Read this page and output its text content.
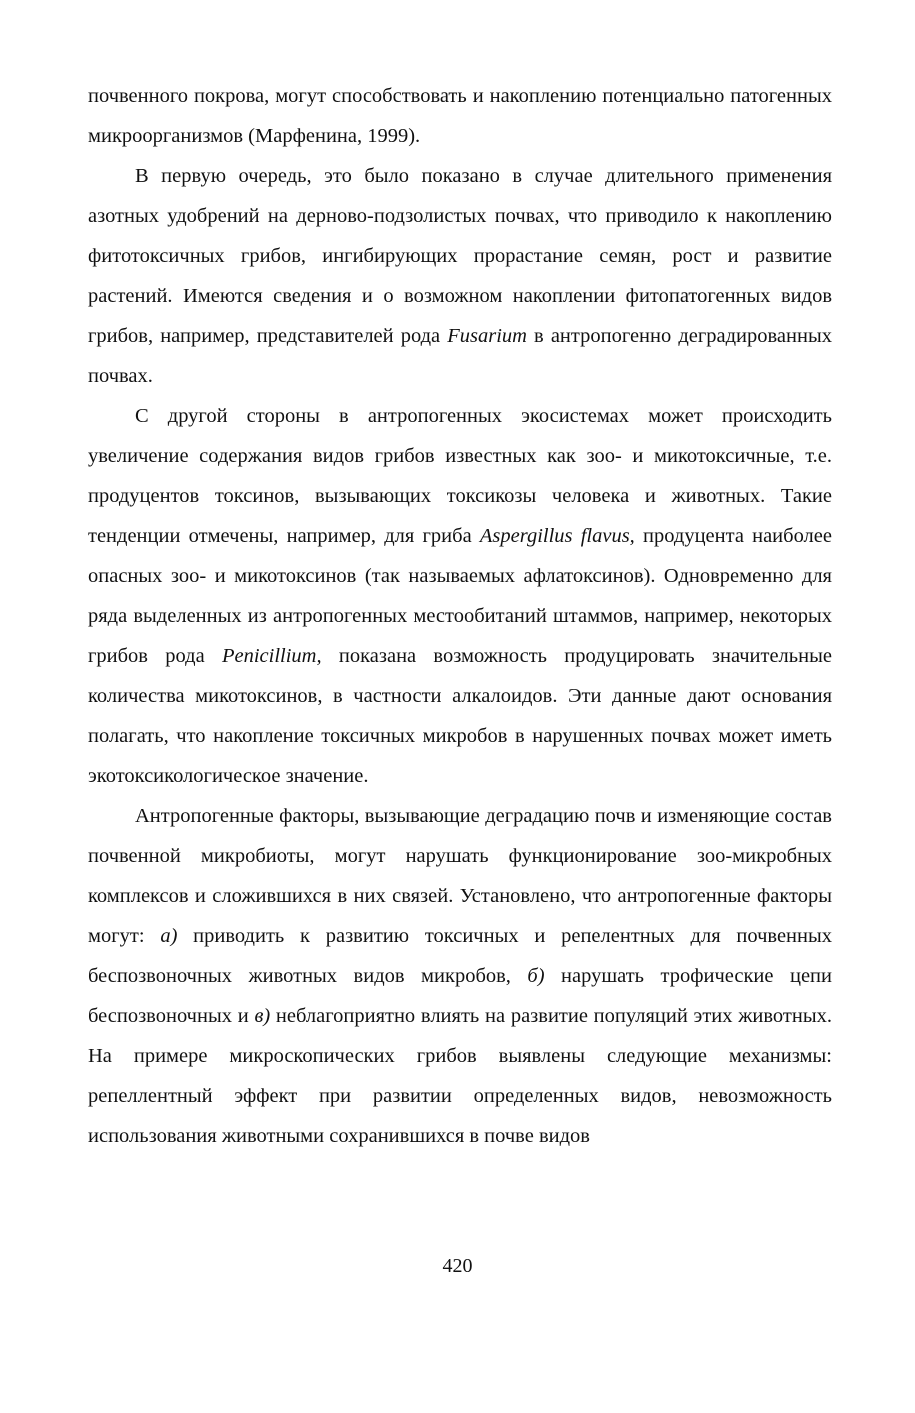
почвенного покрова, могут способствовать и накоплению потенциально патогенных микроорганизмов (Марфенина, 1999).

В первую очередь, это было показано в случае длительного применения азотных удобрений на дерново-подзолистых почвах, что приводило к накоплению фитотоксичных грибов, ингибирующих прорастание семян, рост и развитие растений. Имеются сведения и о возможном накоплении фитопатогенных видов грибов, например, представителей рода Fusarium в антропогенно деградированных почвах.

С другой стороны в антропогенных экосистемах может происходить увеличение содержания видов грибов известных как зоо- и микотоксичные, т.е. продуцентов токсинов, вызывающих токсикозы человека и животных. Такие тенденции отмечены, например, для гриба Aspergillus flavus, продуцента наиболее опасных зоо- и микотоксинов (так называемых афлатоксинов). Одновременно для ряда выделенных из антропогенных местообитаний штаммов, например, некоторых грибов рода Penicillium, показана возможность продуцировать значительные количества микотоксинов, в частности алкалоидов. Эти данные дают основания полагать, что накопление токсичных микробов в нарушенных почвах может иметь экотоксикологическое значение.

Антропогенные факторы, вызывающие деградацию почв и изменяющие состав почвенной микробиоты, могут нарушать функционирование зоо-микробных комплексов и сложившихся в них связей. Установлено, что антропогенные факторы могут: а) приводить к развитию токсичных и репелентных для почвенных беспозвоночных животных видов микробов, б) нарушать трофические цепи беспозвоночных и в) неблагоприятно влиять на развитие популяций этих животных. На примере микроскопических грибов выявлены следующие механизмы: репеллентный эффект при развитии определенных видов, невозможность использования животными сохранившихся в почве видов

420
